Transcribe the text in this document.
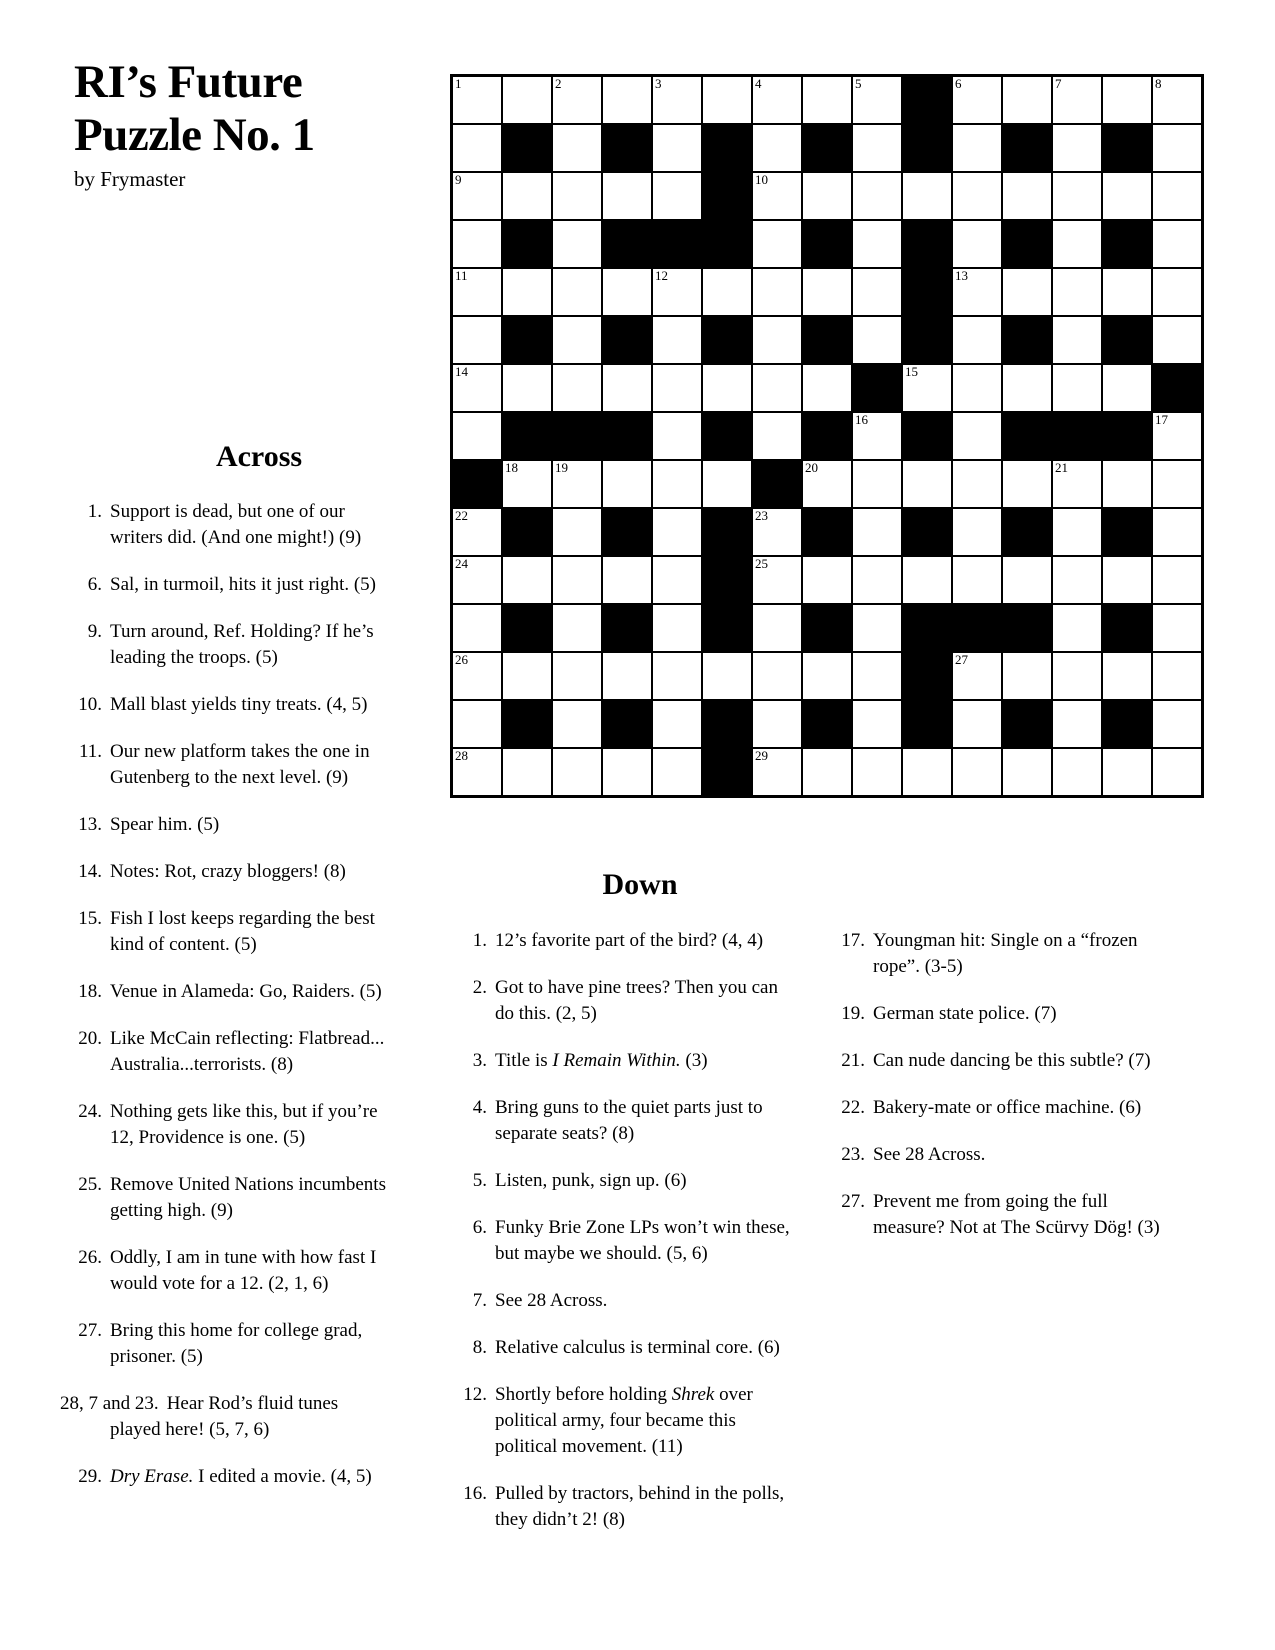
RI’s Future
Puzzle No. 1
by Frymaster
1	2	3	4	5	6	7	8
9	10
11	12	13
14	15
16	17
18	19	20	21
22	23
24	25
26	27
28	29
Across
1. Support is dead, but one of our
writers did. (And one might!) (9)
6. Sal, in turmoil, hits it just right. (5)
9. Turn around, Ref. Holding? If he’s
leading the troops. (5)
10. Mall blast yields tiny treats. (4, 5)
11. Our new platform takes the one in
Gutenberg to the next level. (9)
13. Spear him. (5)
14. Notes: Rot, crazy bloggers! (8)
15. Fish I lost keeps regarding the best
kind of content. (5)
18. Venue in Alameda: Go, Raiders. (5)
20. Like McCain reflecting: Flatbread...
Australia...terrorists. (8)
24. Nothing gets like this, but if you’re
12, Providence is one. (5)
25. Remove United Nations incumbents
getting high. (9)
26. Oddly, I am in tune with how fast I
would vote for a 12. (2, 1, 6)
27. Bring this home for college grad,
prisoner. (5)
28, 7 and 23. Hear Rod’s fluid tunes
played here! (5, 7, 6)
29. Dry Erase. I edited a movie. (4, 5)
Down
1. 12’s favorite part of the bird? (4, 4)
2. Got to have pine trees? Then you can
do this. (2, 5)
3. Title is I Remain Within. (3)
4. Bring guns to the quiet parts just to
separate seats? (8)
5. Listen, punk, sign up. (6)
6. Funky Brie Zone LPs won’t win these,
but maybe we should. (5, 6)
7. See 28 Across.
8. Relative calculus is terminal core. (6)
12. Shortly before holding Shrek over
political army, four became this
political movement. (11)
16. Pulled by tractors, behind in the polls,
they didn’t 2! (8)
17. Youngman hit: Single on a “frozen
rope”. (3-5)
19. German state police. (7)
21. Can nude dancing be this subtle? (7)
22. Bakery-mate or office machine. (6)
23. See 28 Across.
27. Prevent me from going the full
measure? Not at The Scürvy Dög! (3)
